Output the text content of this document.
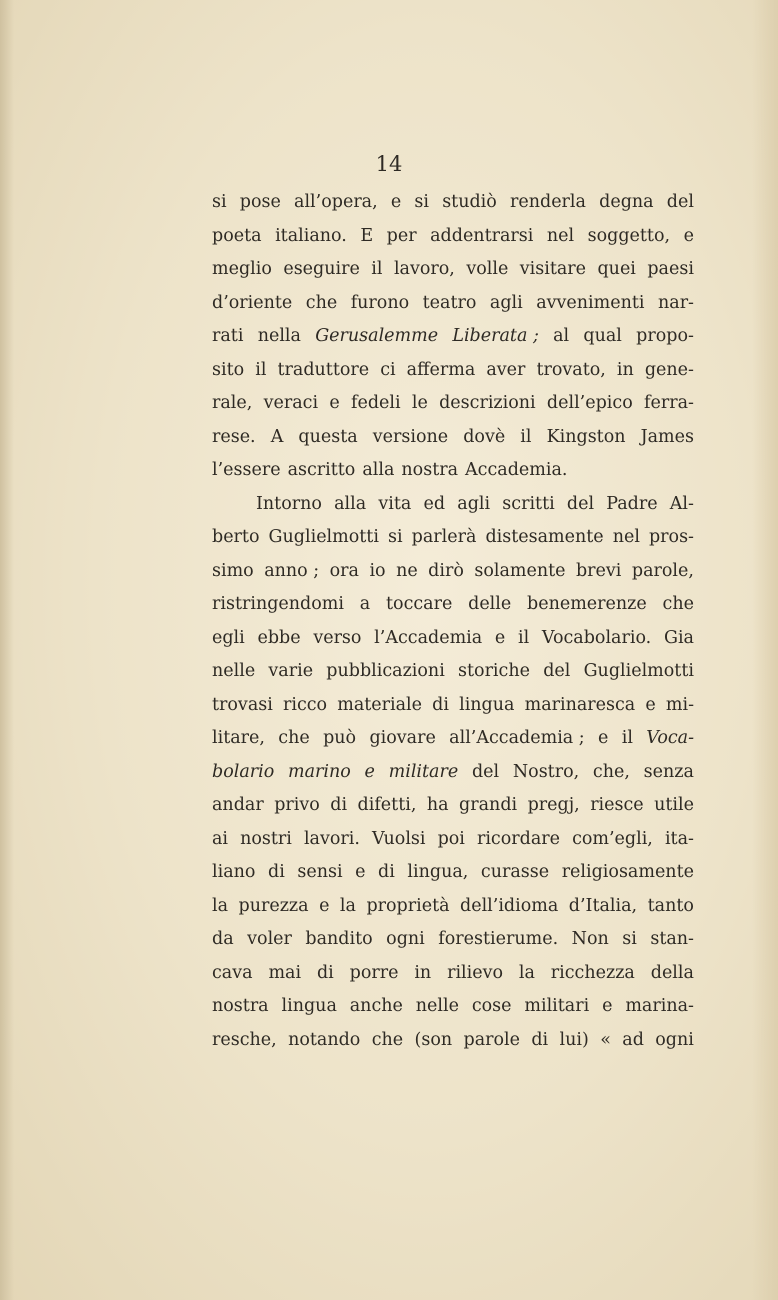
14
si pose all’opera, e si studiò renderla degna del
poeta italiano. E per addentrarsi nel soggetto, e
meglio eseguire il lavoro, volle visitare quei paesi
d’oriente che furono teatro agli avvenimenti nar-
rati nella Gerusalemme Liberata ; al qual propo-
sito il traduttore ci afferma aver trovato, in gene-
rale, veraci e fedeli le descrizioni dell’epico ferra-
rese. A questa versione dovè il Kingston James
l’essere ascritto alla nostra Accademia.
Intorno alla vita ed agli scritti del Padre Al-
berto Guglielmotti si parlerà distesamente nel pros-
simo anno ; ora io ne dirò solamente brevi parole,
ristringendomi a toccare delle benemerenze che
egli ebbe verso l’Accademia e il Vocabolario. Gia
nelle varie pubblicazioni storiche del Guglielmotti
trovasi ricco materiale di lingua marinaresca e mi-
litare, che può giovare all’Accademia ; e il Voca-
bolario marino e militare del Nostro, che, senza
andar privo di difetti, ha grandi pregj, riesce utile
ai nostri lavori. Vuolsi poi ricordare com’egli, ita-
liano di sensi e di lingua, curasse religiosamente
la purezza e la proprietà dell’idioma d’Italia, tanto
da voler bandito ogni forestierume. Non si stan-
cava mai di porre in rilievo la ricchezza della
nostra lingua anche nelle cose militari e marina-
resche, notando che (son parole di lui) « ad ogni
